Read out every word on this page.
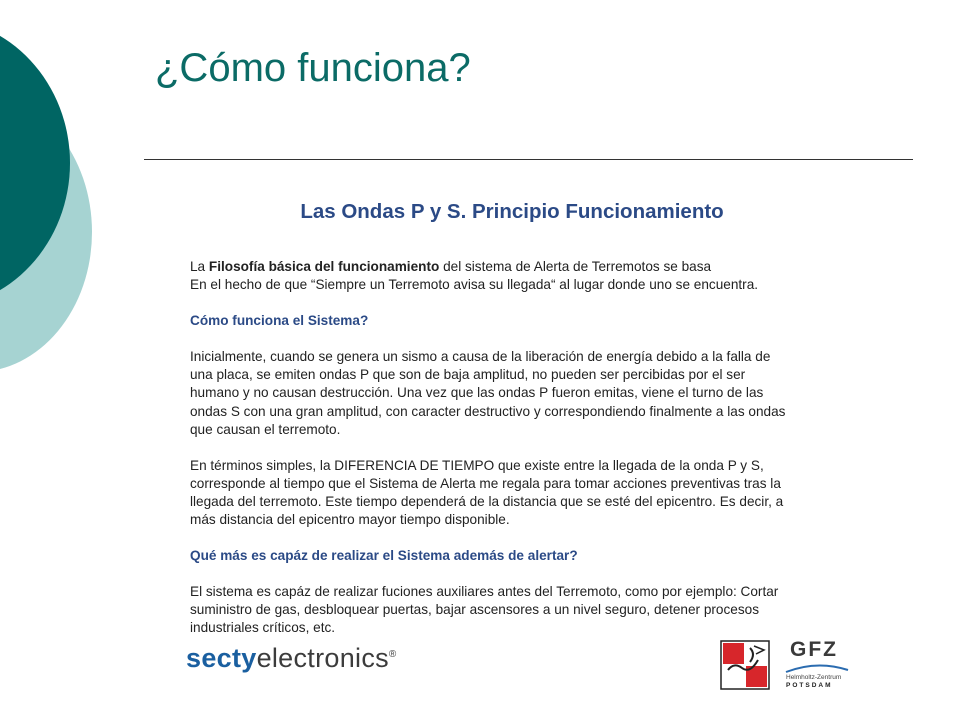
¿Cómo funciona?
Las Ondas P y S. Principio Funcionamiento

La Filosofía básica del funcionamiento del sistema de Alerta de Terremotos se basa
En el hecho de que “Siempre un Terremoto avisa su llegada“ al lugar donde uno se encuentra.

Cómo funciona el Sistema?

Inicialmente, cuando se genera un sismo a causa de la liberación de energía debido a la falla de
una placa, se emiten ondas P que son de baja amplitud, no pueden ser percibidas por el ser
humano y no causan destrucción. Una vez que las ondas P fueron emitas, viene el turno de las
ondas S con una gran amplitud, con caracter destructivo y correspondiendo finalmente a las ondas
que causan el terremoto.

En términos simples, la DIFERENCIA DE TIEMPO que existe entre la llegada de la onda P y S,
corresponde al tiempo que el Sistema de Alerta me regala para tomar acciones preventivas tras la
llegada del terremoto. Este tiempo dependerá de la distancia que se esté del epicentro. Es decir, a
más distancia del epicentro mayor tiempo disponible.

Qué más es capáz de realizar el Sistema además de alertar?

El sistema es capáz de realizar fuciones auxiliares antes del Terremoto, como por ejemplo: Cortar
suministro de gas, desbloquear puertas, bajar ascensores a un nivel seguro, detener procesos
industriales críticos, etc.

sectyelectronics®	GFZ
Helmholtz-Zentrum
POTSDAM
